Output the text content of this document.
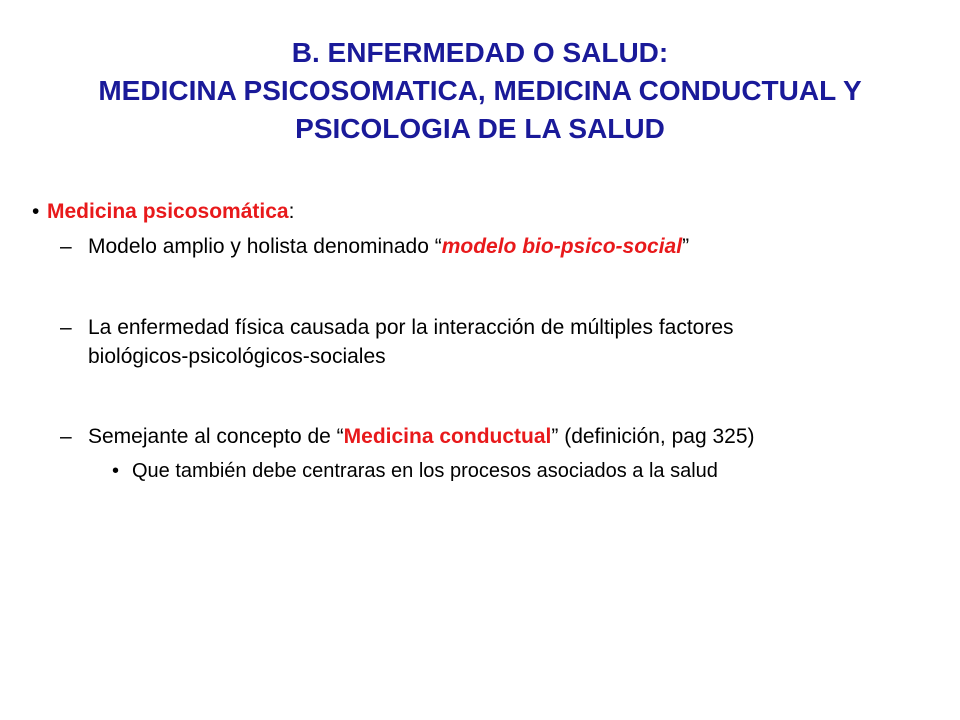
B. ENFERMEDAD O SALUD:
MEDICINA PSICOSOMATICA, MEDICINA CONDUCTUAL Y
PSICOLOGIA DE LA SALUD
• Medicina psicosomática:
– Modelo amplio y holista denominado “modelo bio-psico-social”
– La enfermedad física causada por la interacción de múltiples factores
biológicos-psicológicos-sociales
– Semejante al concepto de “Medicina conductual” (definición, pag 325)
• Que también debe centraras en los procesos asociados a la salud
